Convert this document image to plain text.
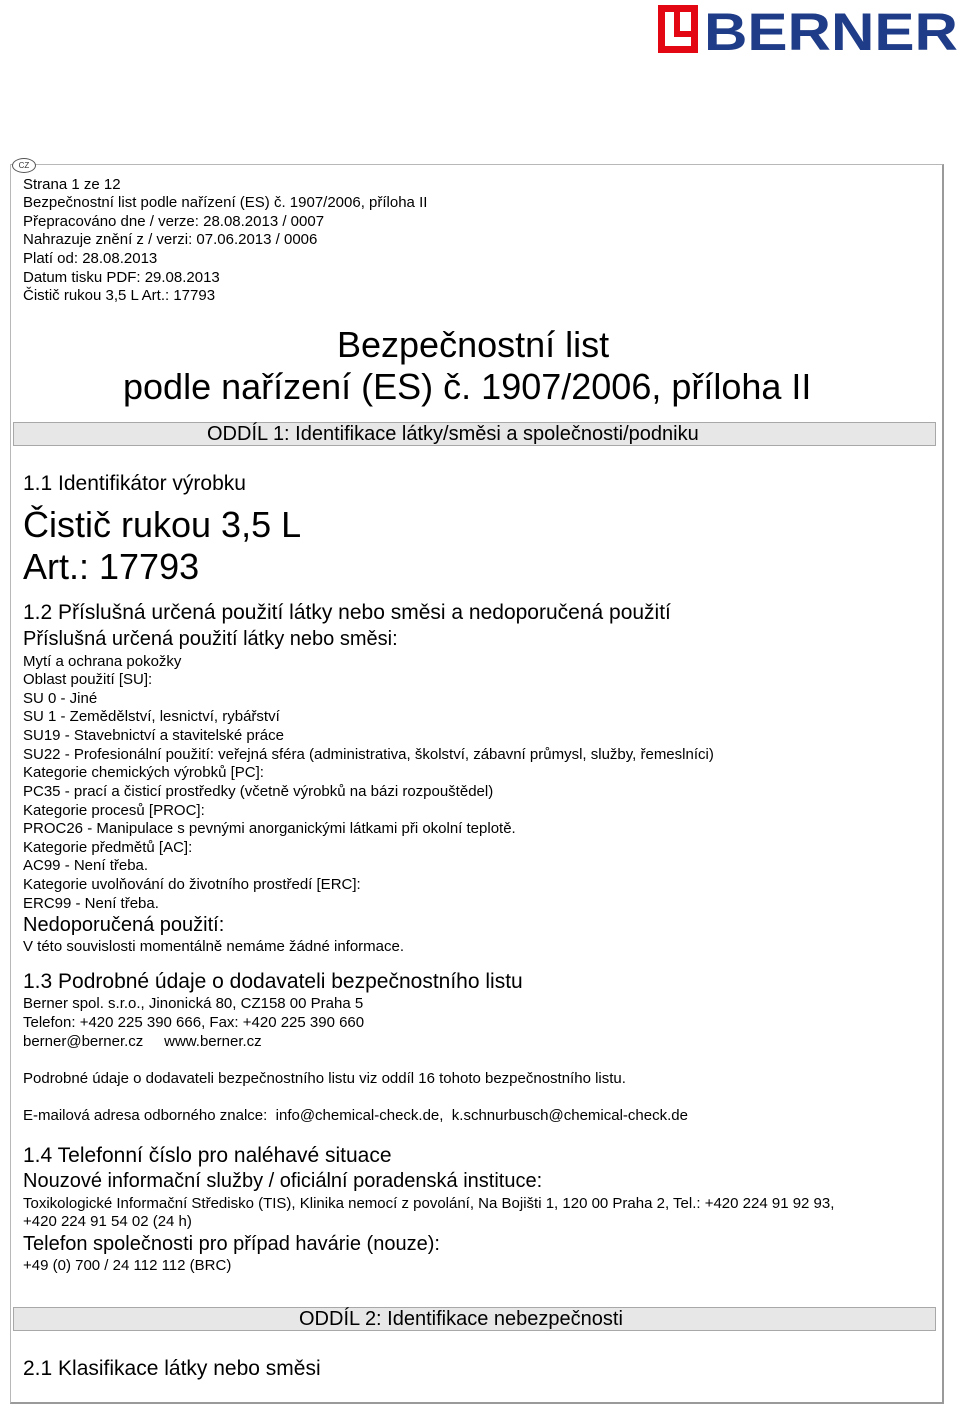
BERNER
CZ
Strana 1 ze 12
Bezpečnostní list podle nařízení (ES) č. 1907/2006, příloha II
Přepracováno dne / verze: 28.08.2013 / 0007
Nahrazuje znění z / verzi: 07.06.2013 / 0006
Platí od: 28.08.2013
Datum tisku PDF: 29.08.2013
Čistič rukou 3,5 L Art.: 17793
Bezpečnostní list
podle nařízení (ES) č. 1907/2006, příloha II
ODDÍL 1: Identifikace látky/směsi a společnosti/podniku
1.1 Identifikátor výrobku
Čistič rukou 3,5 L
Art.: 17793
1.2 Příslušná určená použití látky nebo směsi a nedoporučená použití
Příslušná určená použití látky nebo směsi:
Mytí a ochrana pokožky
Oblast použití [SU]:
SU 0 - Jiné
SU 1 - Zemědělství, lesnictví, rybářství
SU19 - Stavebnictví a stavitelské práce
SU22 - Profesionální použití: veřejná sféra (administrativa, školství, zábavní průmysl, služby, řemeslníci)
Kategorie chemických výrobků [PC]:
PC35 - prací a čisticí prostředky (včetně výrobků na bázi rozpouštědel)
Kategorie procesů [PROC]:
PROC26 - Manipulace s pevnými anorganickými látkami při okolní teplotě.
Kategorie předmětů [AC]:
AC99 - Není třeba.
Kategorie uvolňování do životního prostředí [ERC]:
ERC99 - Není třeba.
Nedoporučená použití:
V této souvislosti momentálně nemáme žádné informace.
1.3 Podrobné údaje o dodavateli bezpečnostního listu
Berner spol. s.r.o., Jinonická 80, CZ158 00 Praha 5
Telefon: +420 225 390 666, Fax: +420 225 390 660
berner@berner.cz     www.berner.cz
Podrobné údaje o dodavateli bezpečnostního listu viz oddíl 16 tohoto bezpečnostního listu.
E-mailová adresa odborného znalce:  info@chemical-check.de,  k.schnurbusch@chemical-check.de
1.4 Telefonní číslo pro naléhavé situace
Nouzové informační služby / oficiální poradenská instituce:
Toxikologické Informační Středisko (TIS), Klinika nemocí z povolání, Na Bojišti 1, 120 00 Praha 2, Tel.: +420 224 91 92 93,
+420 224 91 54 02 (24 h)
Telefon společnosti pro případ havárie (nouze):
+49 (0) 700 / 24 112 112 (BRC)
ODDÍL 2: Identifikace nebezpečnosti
2.1 Klasifikace látky nebo směsi
